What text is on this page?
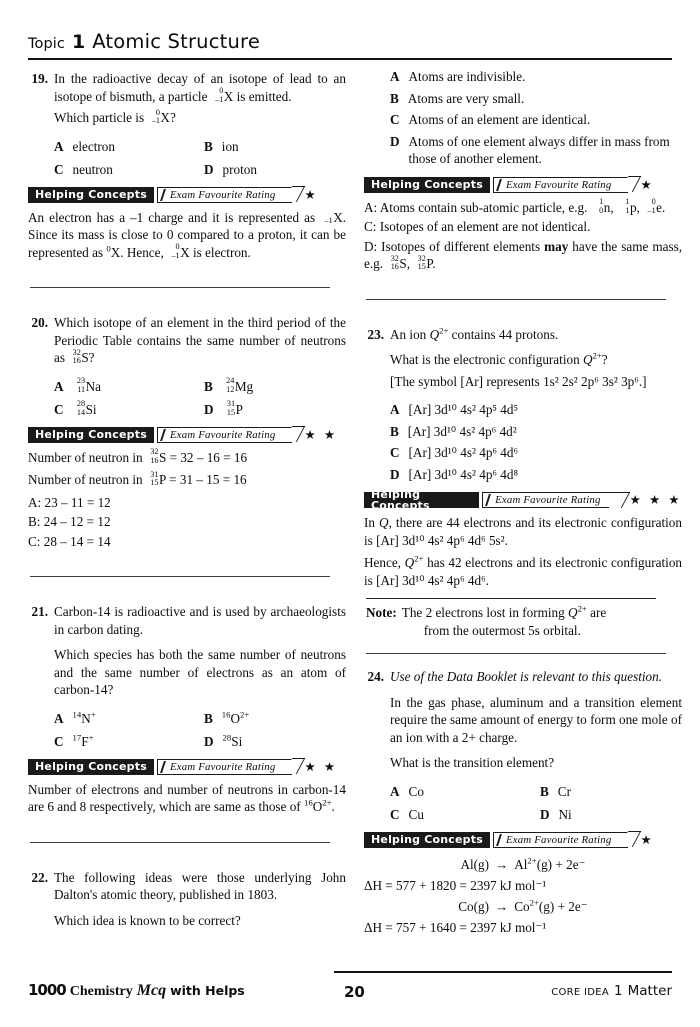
Topic 1 Atomic Structure
19. In the radioactive decay of an isotope of lead to an isotope of bismuth, a particle 0
–1 X is emitted.

Which particle is 0
–1 X?

A electron	B ion
C neutron	D proton
Helping Concepts	Exam Favourite Rating ★

An electron has a –1 charge and it is represented as –1 X. Since its mass is close to 0 compared to a proton, it can be represented as $^0$X. Hence, 0
–1 X is electron.

20. Which isotope of an element in the third period of the Periodic Table contains the same number of neutrons as 32
16 S?

A 23
11 Na	B 24
12 Mg
C 28
14 Si	D 31
15 P
Helping Concepts	Exam Favourite Rating ★ ★

Number of neutron in 32
16 S = 32 – 16 = 16

Number of neutron in 31
15 P = 31 – 15 = 16

A: 23 – 11 = 12

B: 24 – 12 = 12

C: 28 – 14 = 14

21. Carbon-14 is radioactive and is used by archaeologists in carbon dating.

Which species has both the same number of neutrons and the same number of electrons as an atom of carbon-14?

A $^{14}$N+	B $^{16}O^{2+}$
C $^{17}$F+	D $^{28}$Si
Helping Concepts	Exam Favourite Rating ★ ★

Number of electrons and number of neutrons in carbon-14 are 6 and 8 respectively, which are same as those of $^{16}O^{2+}$.

22. The following ideas were those underlying John Dalton's atomic theory, published in 1803.

Which idea is known to be correct?

A Atoms are indivisible.
B Atoms are very small.
C Atoms of an element are identical.
D Atoms of one element always differ in mass from those of another element.
Helping Concepts	Exam Favourite Rating ★

A: Atoms contain sub-atomic particle, e.g. 1
0 n, 1
1 p, 0
–1 e.

C: Isotopes of an element are not identical.

D: Isotopes of different elements may have the same mass, e.g. 32
16 S, 32
15 P.

23. An ion $Q^{2+}$ contains 44 protons.

What is the electronic configuration $Q^{2+}$?

[The symbol [Ar] represents 1s² 2s² 2p⁶ 3s² 3p⁶.]

A [Ar] 3d¹⁰ 4s² 4p⁵ 4d⁵
B [Ar] 3d¹⁰ 4s² 4p⁶ 4d²
C [Ar] 3d¹⁰ 4s² 4p⁶ 4d⁶
D [Ar] 3d¹⁰ 4s² 4p⁶ 4d⁸
Helping Concepts	Exam Favourite Rating ★ ★ ★

In Q, there are 44 electrons and its electronic configuration is [Ar] 3d¹⁰ 4s² 4p⁶ 4d⁶ 5s².

Hence, $Q^{2+}$ has 42 electrons and its electronic configuration is [Ar] 3d¹⁰ 4s² 4p⁶ 4d⁶.

Note: The 2 electrons lost in forming $Q^{2+}$ are
from the outermost 5s orbital.
24. Use of the Data Booklet is relevant to this question.

In the gas phase, aluminum and a transition element require the same amount of energy to form one mole of an ion with a 2+ charge.

What is the transition element?

A Co	B Cr
C Cu	D Ni
Helping Concepts	Exam Favourite Rating ★
$Al(g) \to Al^{2+}(g) + 2e^-$
ΔH = 577 + 1820 = 2397 kJ mol⁻¹
$Co(g) \to Co^{2+}(g) + 2e^-$
ΔH = 757 + 1640 = 2397 kJ mol⁻¹
1000 Chemistry Mcq with Helps	20	CORE IDEA 1 Matter
